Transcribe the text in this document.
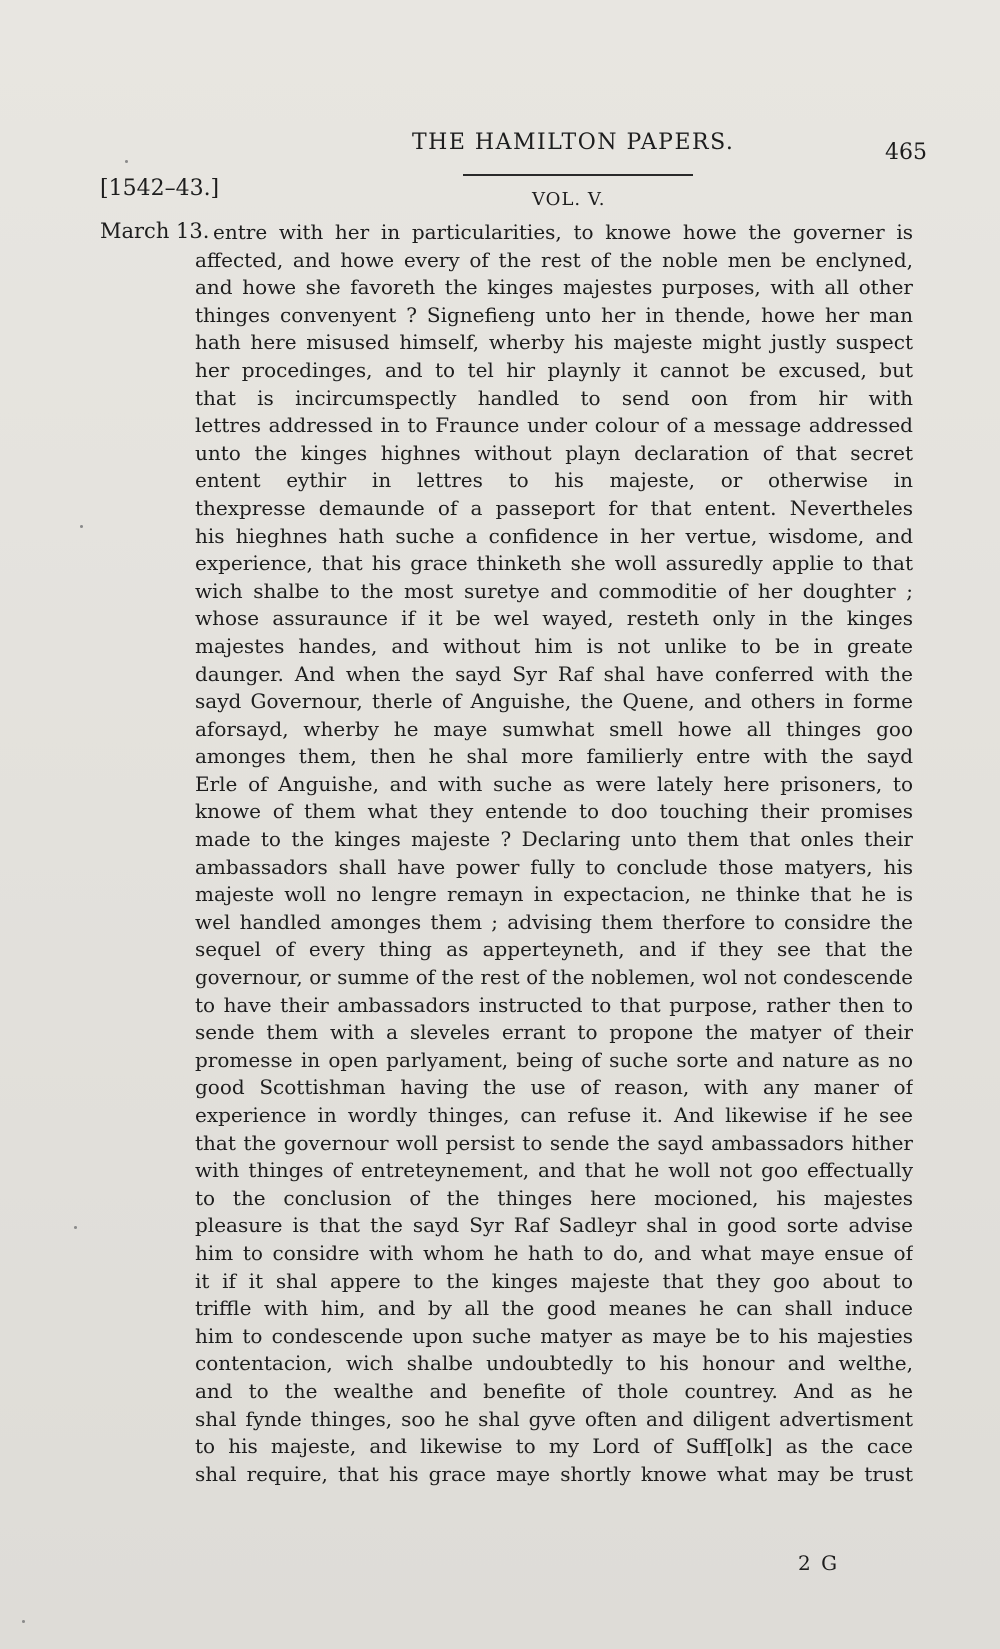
THE HAMILTON PAPERS.	465
[1542–43.]	VOL. V.
March 13. entre with her in particularities, to knowe howe the governer is
affected, and howe every of the rest of the noble men be enclyned,
and howe she favoreth the kinges majestes purposes, with all other
thinges convenyent ? Signefieng unto her in thende, howe her man
hath here misused himself, wherby his majeste might justly suspect
her procedinges, and to tel hir playnly it cannot be excused, but
that is incircumspectly handled to send oon from hir with
lettres addressed in to Fraunce under colour of a message addressed
unto the kinges highnes without playn declaration of that secret
entent eythir in lettres to his majeste, or otherwise in
thexpresse demaunde of a passeport for that entent. Nevertheles
his hieghnes hath suche a confidence in her vertue, wisdome, and
experience, that his grace thinketh she woll assuredly applie to that
wich shalbe to the most suretye and commoditie of her doughter ;
whose assuraunce if it be wel wayed, resteth only in the kinges
majestes handes, and without him is not unlike to be in greate
daunger. And when the sayd Syr Raf shal have conferred with the
sayd Governour, therle of Anguishe, the Quene, and others in forme
aforsayd, wherby he maye sumwhat smell howe all thinges goo
amonges them, then he shal more familierly entre with the sayd
Erle of Anguishe, and with suche as were lately here prisoners, to
knowe of them what they entende to doo touching their promises
made to the kinges majeste ? Declaring unto them that onles their
ambassadors shall have power fully to conclude those matyers, his
majeste woll no lengre remayn in expectacion, ne thinke that he is
wel handled amonges them ; advising them therfore to considre the
sequel of every thing as apperteyneth, and if they see that the
governour, or summe of the rest of the noblemen, wol not condescende
to have their ambassadors instructed to that purpose, rather then to
sende them with a sleveles errant to propone the matyer of their
promesse in open parlyament, being of suche sorte and nature as no
good Scottishman having the use of reason, with any maner of
experience in wordly thinges, can refuse it. And likewise if he see
that the governour woll persist to sende the sayd ambassadors hither
with thinges of entreteynement, and that he woll not goo effectually
to the conclusion of the thinges here mocioned, his majestes
pleasure is that the sayd Syr Raf Sadleyr shal in good sorte advise
him to considre with whom he hath to do, and what maye ensue of
it if it shal appere to the kinges majeste that they goo about to
triffle with him, and by all the good meanes he can shall induce
him to condescende upon suche matyer as maye be to his majesties
contentacion, wich shalbe undoubtedly to his honour and welthe,
and to the wealthe and benefite of thole countrey. And as he
shal fynde thinges, soo he shal gyve often and diligent advertisment
to his majeste, and likewise to my Lord of Suff[olk] as the cace
shal require, that his grace maye shortly knowe what may be trust
2 G
